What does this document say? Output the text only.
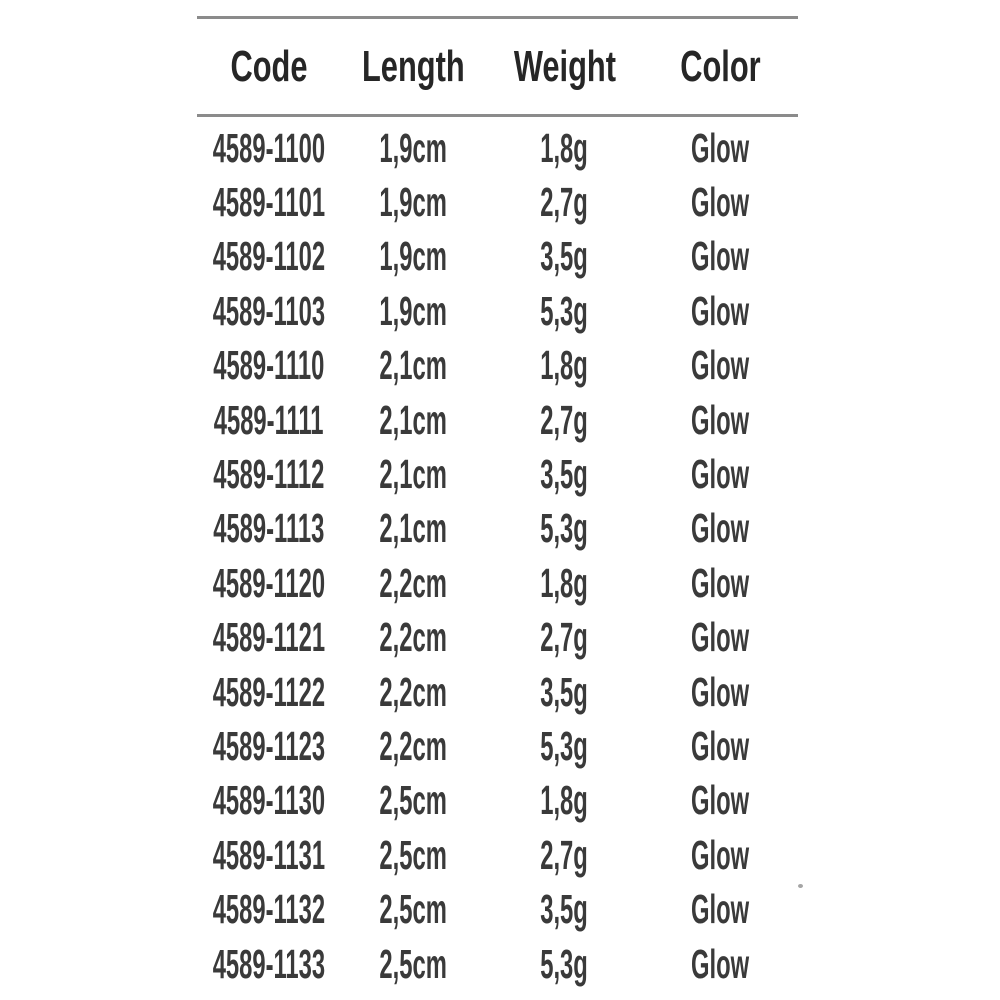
Code Length Weight Color
4589-1100 1,9cm 1,8g	Glow
4589-1101 1,9cm 2,7g	Glow
4589-1102 1,9cm 3,5g	Glow
4589-1103 1,9cm 5,3g	Glow
4589-1110 2,1cm 1,8g	Glow
4589-1111 2,1cm 2,7g	Glow
4589-1112 2,1cm 3,5g	Glow
4589-1113 2,1cm 5,3g	Glow
4589-1120 2,2cm 1,8g	Glow
4589-1121 2,2cm 2,7g	Glow
4589-1122 2,2cm 3,5g	Glow
4589-1123 2,2cm 5,3g	Glow
4589-1130 2,5cm 1,8g	Glow
4589-1131 2,5cm 2,7g	Glow
4589-1132 2,5cm 3,5g	Glow
4589-1133 2,5cm 5,3g	Glow
